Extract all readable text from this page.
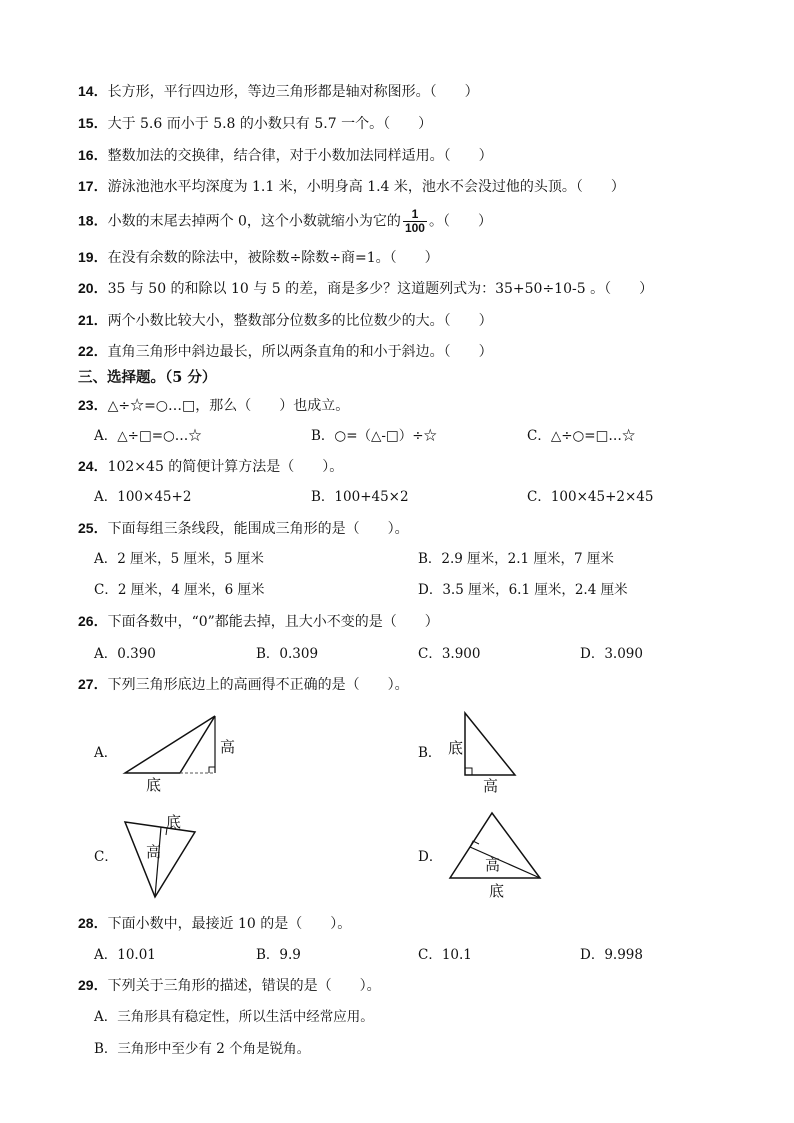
14．长方形，平行四边形，等边三角形都是轴对称图形。（　　）
15．大于 5.6 而小于 5.8 的小数只有 5.7 一个。（　　）
16．整数加法的交换律，结合律，对于小数加法同样适用。（　　）
17．游泳池池水平均深度为 1.1 米，小明身高 1.4 米，池水不会没过他的头顶。（　　）
18．小数的末尾去掉两个 0，这个小数就缩小为它的 $\frac{1}{100}$ 。（　　）
19．在没有余数的除法中，被除数÷除数÷商=1。（　　）
20．35 与 50 的和除以 10 与 5 的差，商是多少？这道题列式为：35+50÷10-5 。（　　）
21．两个小数比较大小，整数部分位数多的比位数少的大。（　　）
22．直角三角形中斜边最长，所以两条直角的和小于斜边。（　　）
三、选择题。（5 分）
23．△÷☆=○…□，那么（　　）也成立。
A．△÷□=○…☆	B．○=（△-□）÷☆	C．△÷○=□…☆
24．102×45 的简便计算方法是（　　）。
A．100×45+2	B．100+45×2	C．100×45+2×45
25．下面每组三条线段，能围成三角形的是（　　）。
A．2 厘米，5 厘米，5 厘米	B．2.9 厘米，2.1 厘米，7 厘米
C．2 厘米，4 厘米，6 厘米	D．3.5 厘米，6.1 厘米，2.4 厘米
26．下面各数中，“0”都能去掉，且大小不变的是（　　）
A．0.390	B．0.309	C．3.900	D．3.090
27．下列三角形底边上的高画得不正确的是（　　）。
A．	高
底
B． 底
高
C．
底
高	D．	高
底
28．下面小数中，最接近 10 的是（　　）。
A．10.01	B．9.9	C．10.1	D．9.998
29．下列关于三角形的描述，错误的是（　　）。
A．三角形具有稳定性，所以生活中经常应用。
B．三角形中至少有 2 个角是锐角。
